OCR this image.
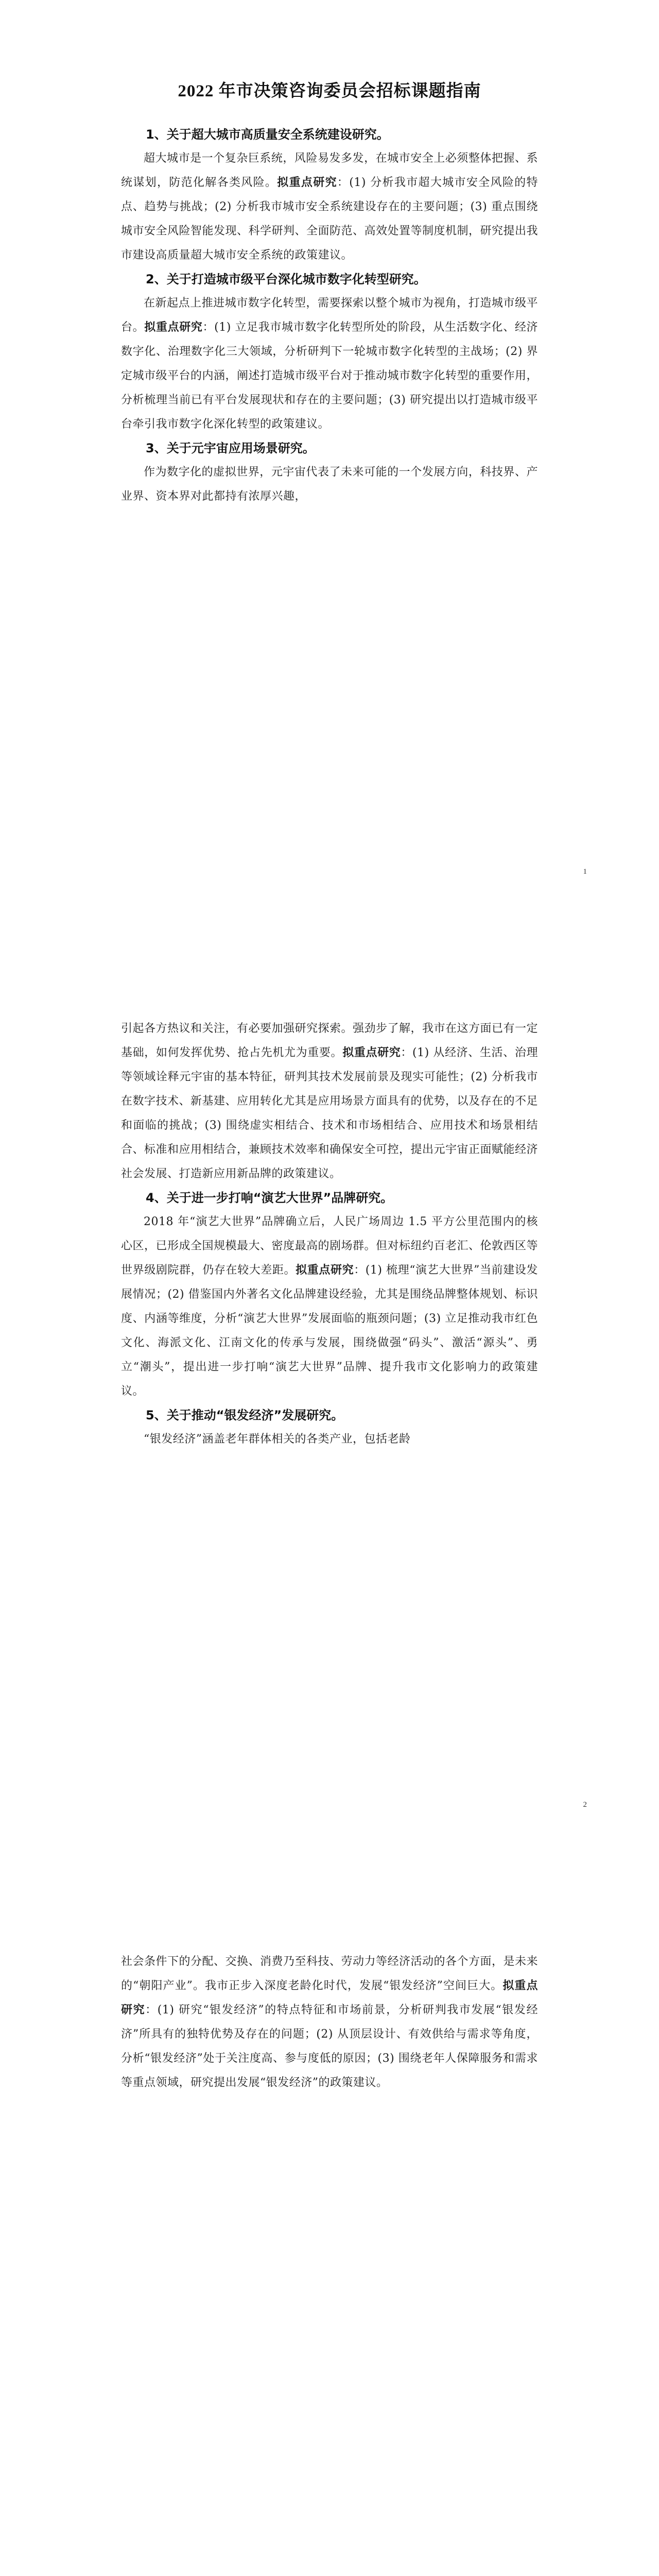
2022 年市决策咨询委员会招标课题指南
1、关于超大城市高质量安全系统建设研究。

超大城市是一个复杂巨系统，风险易发多发，在城市安全上必须整体把握、系统谋划，防范化解各类风险。拟重点研究：(1) 分析我市超大城市安全风险的特点、趋势与挑战；(2) 分析我市城市安全系统建设存在的主要问题；(3) 重点围绕城市安全风险智能发现、科学研判、全面防范、高效处置等制度机制，研究提出我市建设高质量超大城市安全系统的政策建议。

2、关于打造城市级平台深化城市数字化转型研究。

在新起点上推进城市数字化转型，需要探索以整个城市为视角，打造城市级平台。拟重点研究：(1) 立足我市城市数字化转型所处的阶段，从生活数字化、经济数字化、治理数字化三大领域，分析研判下一轮城市数字化转型的主战场；(2) 界定城市级平台的内涵，阐述打造城市级平台对于推动城市数字化转型的重要作用，分析梳理当前已有平台发展现状和存在的主要问题；(3) 研究提出以打造城市级平台牵引我市数字化深化转型的政策建议。

3、关于元宇宙应用场景研究。

作为数字化的虚拟世界，元宇宙代表了未来可能的一个发展方向，科技界、产业界、资本界对此都持有浓厚兴趣，

1

引起各方热议和关注，有必要加强研究探索。强劲步了解，我市在这方面已有一定基础，如何发挥优势、抢占先机尤为重要。拟重点研究：(1) 从经济、生活、治理等领域诠释元宇宙的基本特征，研判其技术发展前景及现实可能性；(2) 分析我市在数字技术、新基建、应用转化尤其是应用场景方面具有的优势，以及存在的不足和面临的挑战；(3) 围绕虚实相结合、技术和市场相结合、应用技术和场景相结合、标准和应用相结合，兼顾技术效率和确保安全可控，提出元宇宙正面赋能经济社会发展、打造新应用新品牌的政策建议。

4、关于进一步打响“演艺大世界”品牌研究。

2018 年“演艺大世界”品牌确立后，人民广场周边 1.5 平方公里范围内的核心区，已形成全国规模最大、密度最高的剧场群。但对标纽约百老汇、伦敦西区等世界级剧院群，仍存在较大差距。拟重点研究：(1) 梳理“演艺大世界”当前建设发展情况；(2) 借鉴国内外著名文化品牌建设经验，尤其是围绕品牌整体规划、标识度、内涵等维度，分析“演艺大世界”发展面临的瓶颈问题；(3) 立足推动我市红色文化、海派文化、江南文化的传承与发展，围绕做强“码头”、激活“源头”、勇立“潮头”，提出进一步打响“演艺大世界”品牌、提升我市文化影响力的政策建议。

5、关于推动“银发经济”发展研究。

“银发经济”涵盖老年群体相关的各类产业，包括老龄

2

社会条件下的分配、交换、消费乃至科技、劳动力等经济活动的各个方面，是未来的“朝阳产业”。我市正步入深度老龄化时代，发展“银发经济”空间巨大。拟重点研究：(1) 研究“银发经济”的特点特征和市场前景，分析研判我市发展“银发经济”所具有的独特优势及存在的问题；(2) 从顶层设计、有效供给与需求等角度，分析“银发经济”处于关注度高、参与度低的原因；(3) 围绕老年人保障服务和需求等重点领域，研究提出发展“银发经济”的政策建议。
